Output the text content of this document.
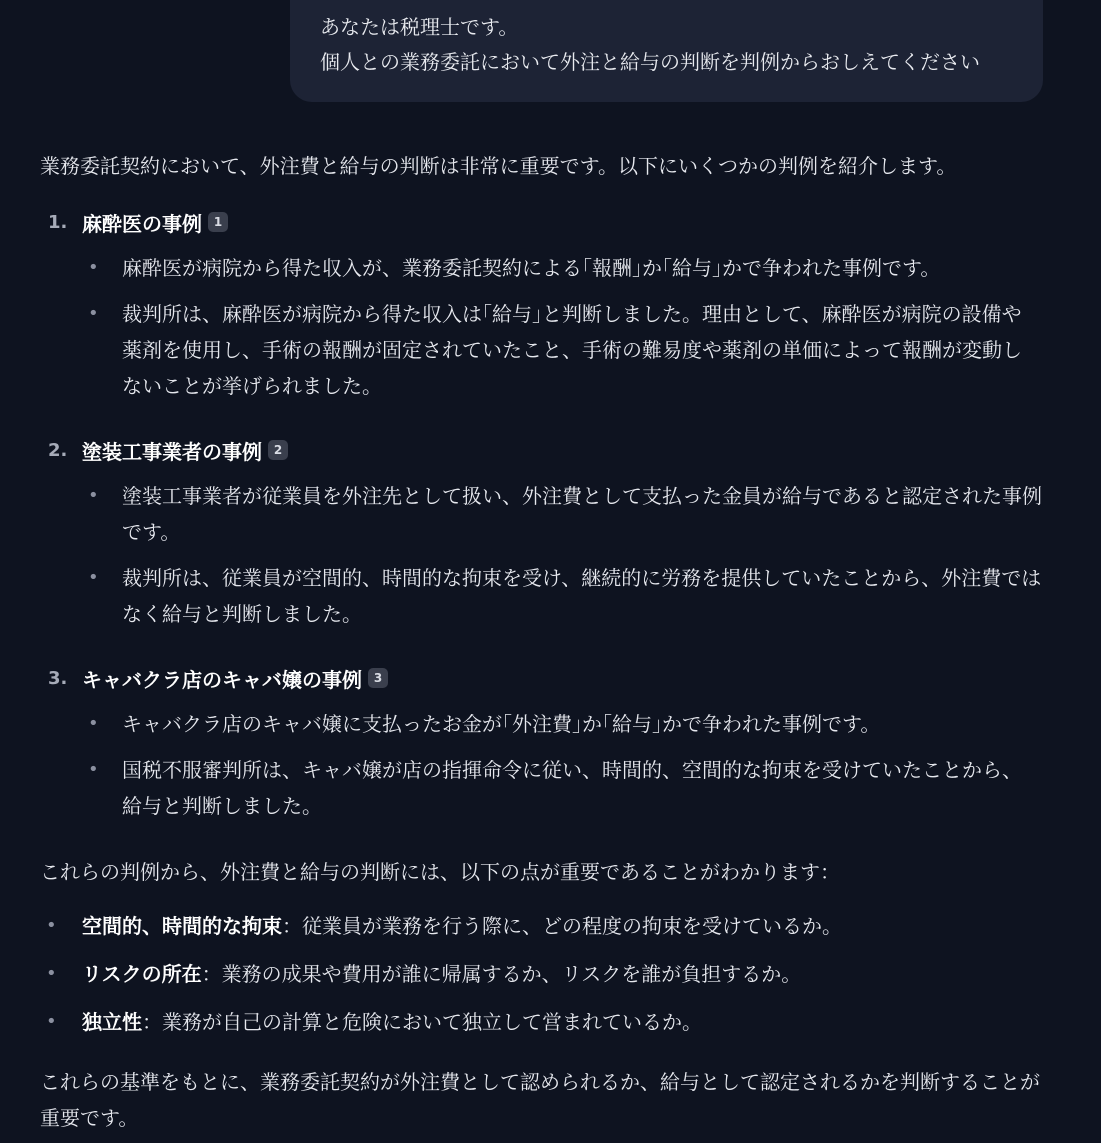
あなたは税理士です。

個人との業務委託において外注と給与の判断を判例からおしえてください

業務委託契約において、外注費と給与の判断は非常に重要です。以下にいくつかの判例を紹介します。

1. 麻酔医の事例 1
• 麻酔医が病院から得た収入が、業務委託契約による｢報酬｣か｢給与｣かで争われた事例です。
• 裁判所は、麻酔医が病院から得た収入は｢給与｣と判断しました。理由として、麻酔医が病院の設備や薬剤を使用し、手術の報酬が固定されていたこと、手術の難易度や薬剤の単価によって報酬が変動しないことが挙げられました。
2. 塗装工事業者の事例 2
• 塗装工事業者が従業員を外注先として扱い、外注費として支払った金員が給与であると認定された事例です。
• 裁判所は、従業員が空間的、時間的な拘束を受け、継続的に労務を提供していたことから、外注費ではなく給与と判断しました。
3. キャバクラ店のキャバ嬢の事例 3
• キャバクラ店のキャバ嬢に支払ったお金が｢外注費｣か｢給与｣かで争われた事例です。
• 国税不服審判所は、キャバ嬢が店の指揮命令に従い、時間的、空間的な拘束を受けていたことから、給与と判断しました。

これらの判例から、外注費と給与の判断には、以下の点が重要であることがわかります：

• 空間的、時間的な拘束：従業員が業務を行う際に、どの程度の拘束を受けているか。
• リスクの所在：業務の成果や費用が誰に帰属するか、リスクを誰が負担するか。
• 独立性：業務が自己の計算と危険において独立して営まれているか。

これらの基準をもとに、業務委託契約が外注費として認められるか、給与として認定されるかを判断することが重要です。
